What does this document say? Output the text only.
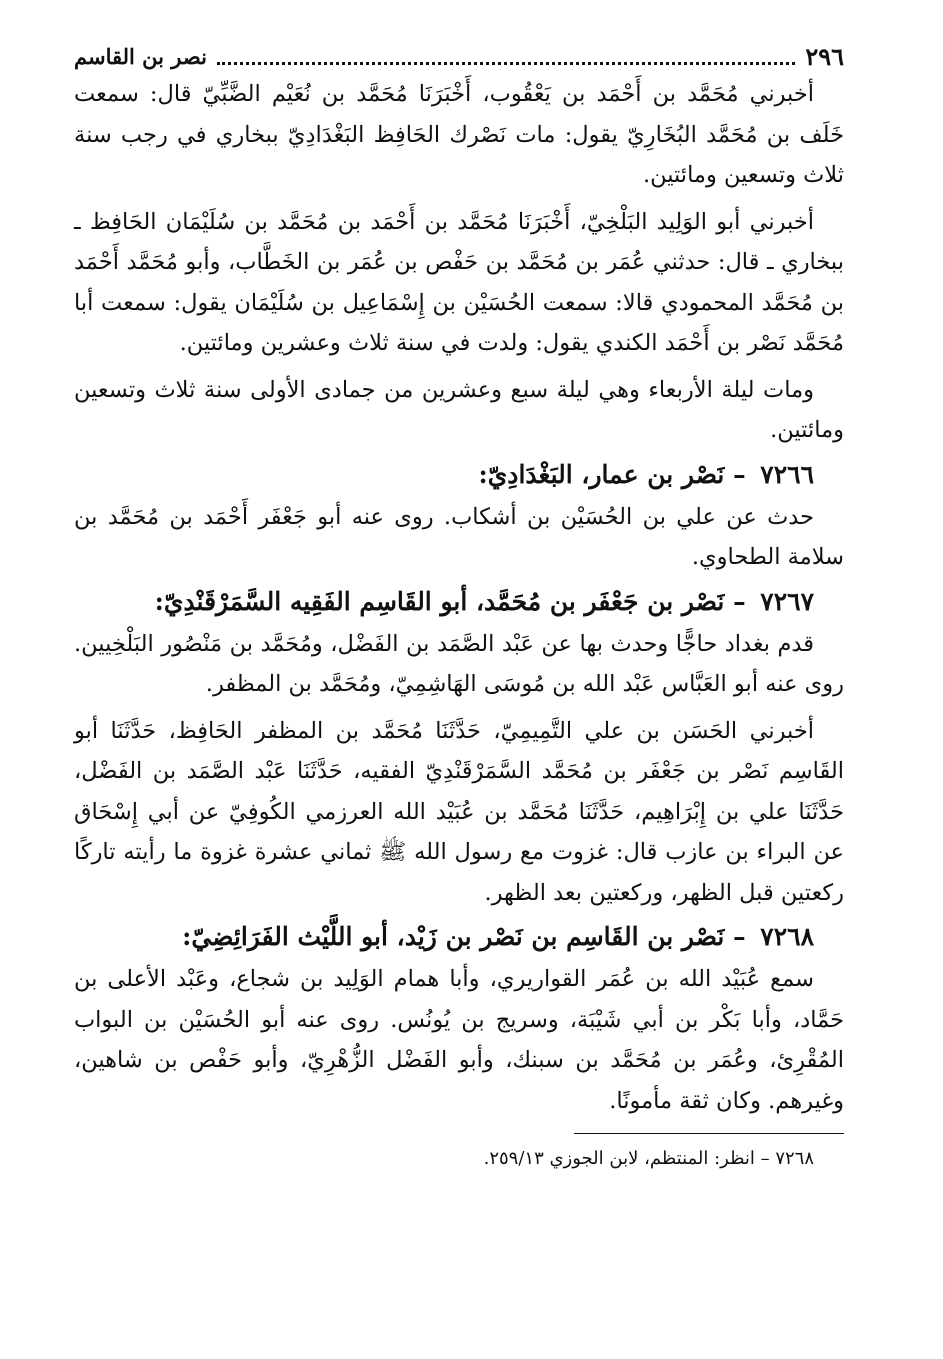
٢٩٦
نصر بن القاسم

أخبرني مُحَمَّد بن أَحْمَد بن يَعْقُوب، أَخْبَرَنَا مُحَمَّد بن نُعَيْم الضَّبِّيّ قال: سمعت خَلَف بن مُحَمَّد البُخَارِيّ يقول: مات نَصْرك الحَافِظ البَغْدَادِيّ ببخاري في رجب سنة ثلاث وتسعين ومائتين.

أخبرني أبو الوَلِيد البَلْخِيّ، أَخْبَرَنَا مُحَمَّد بن أَحْمَد بن مُحَمَّد بن سُلَيْمَان الحَافِظ ـ ببخاري ـ قال: حدثني عُمَر بن مُحَمَّد بن حَفْص بن عُمَر بن الخَطَّاب، وأبو مُحَمَّد أَحْمَد بن مُحَمَّد المحمودي قالا: سمعت الحُسَيْن بن إِسْمَاعِيل بن سُلَيْمَان يقول: سمعت أبا مُحَمَّد نَصْر بن أَحْمَد الكندي يقول: ولدت في سنة ثلاث وعشرين ومائتين.

ومات ليلة الأربعاء وهي ليلة سبع وعشرين من جمادى الأولى سنة ثلاث وتسعين ومائتين.

٧٢٦٦ – نَصْر بن عمار، البَغْدَادِيّ:

حدث عن علي بن الحُسَيْن بن أشكاب. روى عنه أبو جَعْفَر أَحْمَد بن مُحَمَّد بن سلامة الطحاوي.

٧٢٦٧ – نَصْر بن جَعْفَر بن مُحَمَّد، أبو القَاسِم الفَقِيه السَّمَرْقَنْدِيّ:

قدم بغداد حاجًّا وحدث بها عن عَبْد الصَّمَد بن الفَضْل، ومُحَمَّد بن مَنْصُور البَلْخِيين. روى عنه أبو العَبَّاس عَبْد الله بن مُوسَى الهَاشِمِيّ، ومُحَمَّد بن المظفر.

أخبرني الحَسَن بن علي التَّمِيمِيّ، حَدَّثَنَا مُحَمَّد بن المظفر الحَافِظ، حَدَّثَنَا أبو القَاسِم نَصْر بن جَعْفَر بن مُحَمَّد السَّمَرْقَنْدِيّ الفقيه، حَدَّثَنَا عَبْد الصَّمَد بن الفَضْل، حَدَّثَنَا علي بن إِبْرَاهِيم، حَدَّثَنَا مُحَمَّد بن عُبَيْد الله العرزمي الكُوفِيّ عن أبي إِسْحَاق عن البراء بن عازب قال: غزوت مع رسول الله ﷺ ثماني عشرة غزوة ما رأيته تاركًا ركعتين قبل الظهر، وركعتين بعد الظهر.

٧٢٦٨ – نَصْر بن القَاسِم بن نَصْر بن زَيْد، أبو اللَّيْث الفَرَائِضِيّ:

سمع عُبَيْد الله بن عُمَر القواريري، وأبا همام الوَلِيد بن شجاع، وعَبْد الأعلى بن حَمَّاد، وأبا بَكْر بن أبي شَيْبَة، وسريج بن يُونُس. روى عنه أبو الحُسَيْن بن البواب المُقْرِئ، وعُمَر بن مُحَمَّد بن سبنك، وأبو الفَضْل الزُّهْرِيّ، وأبو حَفْص بن شاهين، وغيرهم. وكان ثقة مأمونًا.

٧٢٦٨ – انظر: المنتظم، لابن الجوزي ٢٥٩/١٣.
